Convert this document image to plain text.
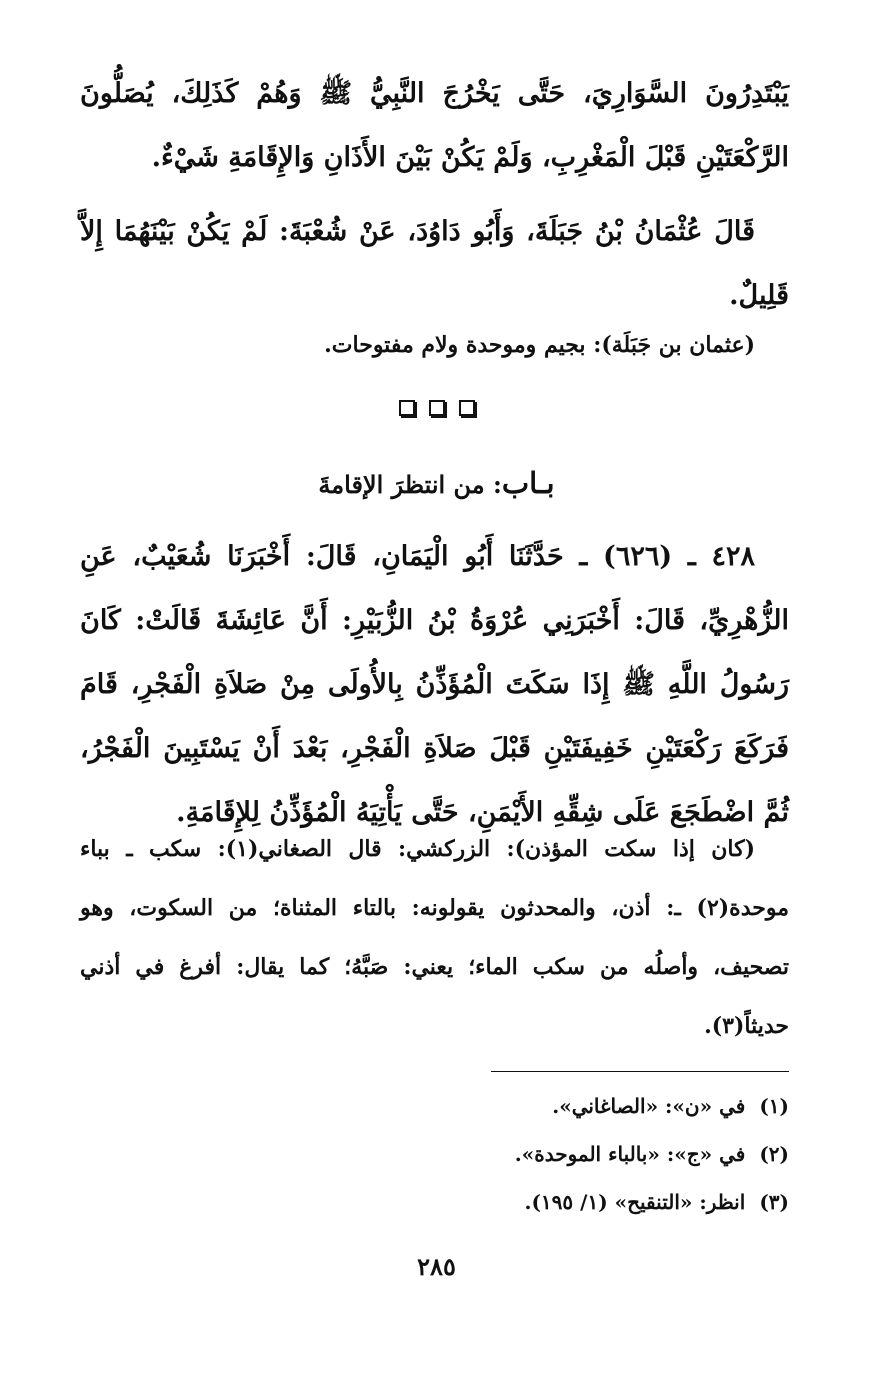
يَبْتَدِرُونَ السَّوَارِيَ، حَتَّى يَخْرُجَ النَّبِيُّ ﷺ وَهُمْ كَذَلِكَ، يُصَلُّونَ الرَّكْعَتَيْنِ قَبْلَ الْمَغْرِبِ، وَلَمْ يَكُنْ بَيْنَ الأَذَانِ وَالإِقَامَةِ شَيْءٌ.
قَالَ عُثْمَانُ بْنُ جَبَلَةَ، وَأَبُو دَاوُدَ، عَنْ شُعْبَةَ: لَمْ يَكُنْ بَيْنَهُمَا إِلاَّ قَلِيلٌ.
(عثمان بن جَبَلَة): بجيم وموحدة ولام مفتوحات.
بـاب: من انتظرَ الإقامةَ
٤٢٨ ـ (٦٢٦) ـ حَدَّثَنَا أَبُو الْيَمَانِ، قَالَ: أَخْبَرَنَا شُعَيْبٌ، عَنِ الزُّهْرِيِّ، قَالَ: أَخْبَرَنِي عُرْوَةُ بْنُ الزُّبَيْرِ: أَنَّ عَائِشَةَ قَالَتْ: كَانَ رَسُولُ اللَّهِ ﷺ إِذَا سَكَتَ الْمُؤَذِّنُ بِالأُولَى مِنْ صَلاَةِ الْفَجْرِ، قَامَ فَرَكَعَ رَكْعَتَيْنِ خَفِيفَتَيْنِ قَبْلَ صَلاَةِ الْفَجْرِ، بَعْدَ أَنْ يَسْتَبِينَ الْفَجْرُ، ثُمَّ اضْطَجَعَ عَلَى شِقِّهِ الأَيْمَنِ، حَتَّى يَأْتِيَهُ الْمُؤَذِّنُ لِلإِقَامَةِ.
(كان إذا سكت المؤذن): الزركشي: قال الصغاني(١): سكب ـ بباء موحدة(٢) ـ: أذن، والمحدثون يقولونه: بالتاء المثناة؛ من السكوت، وهو تصحيف، وأصلُه من سكب الماء؛ يعني: صَبَّهُ؛ كما يقال: أفرغ في أذني حديثاً(٣).
(١)في «ن»: «الصاغاني».
(٢)في «ج»: «بالباء الموحدة».
(٣)انظر: «التنقيح» (١/ ١٩٥).
٢٨٥
